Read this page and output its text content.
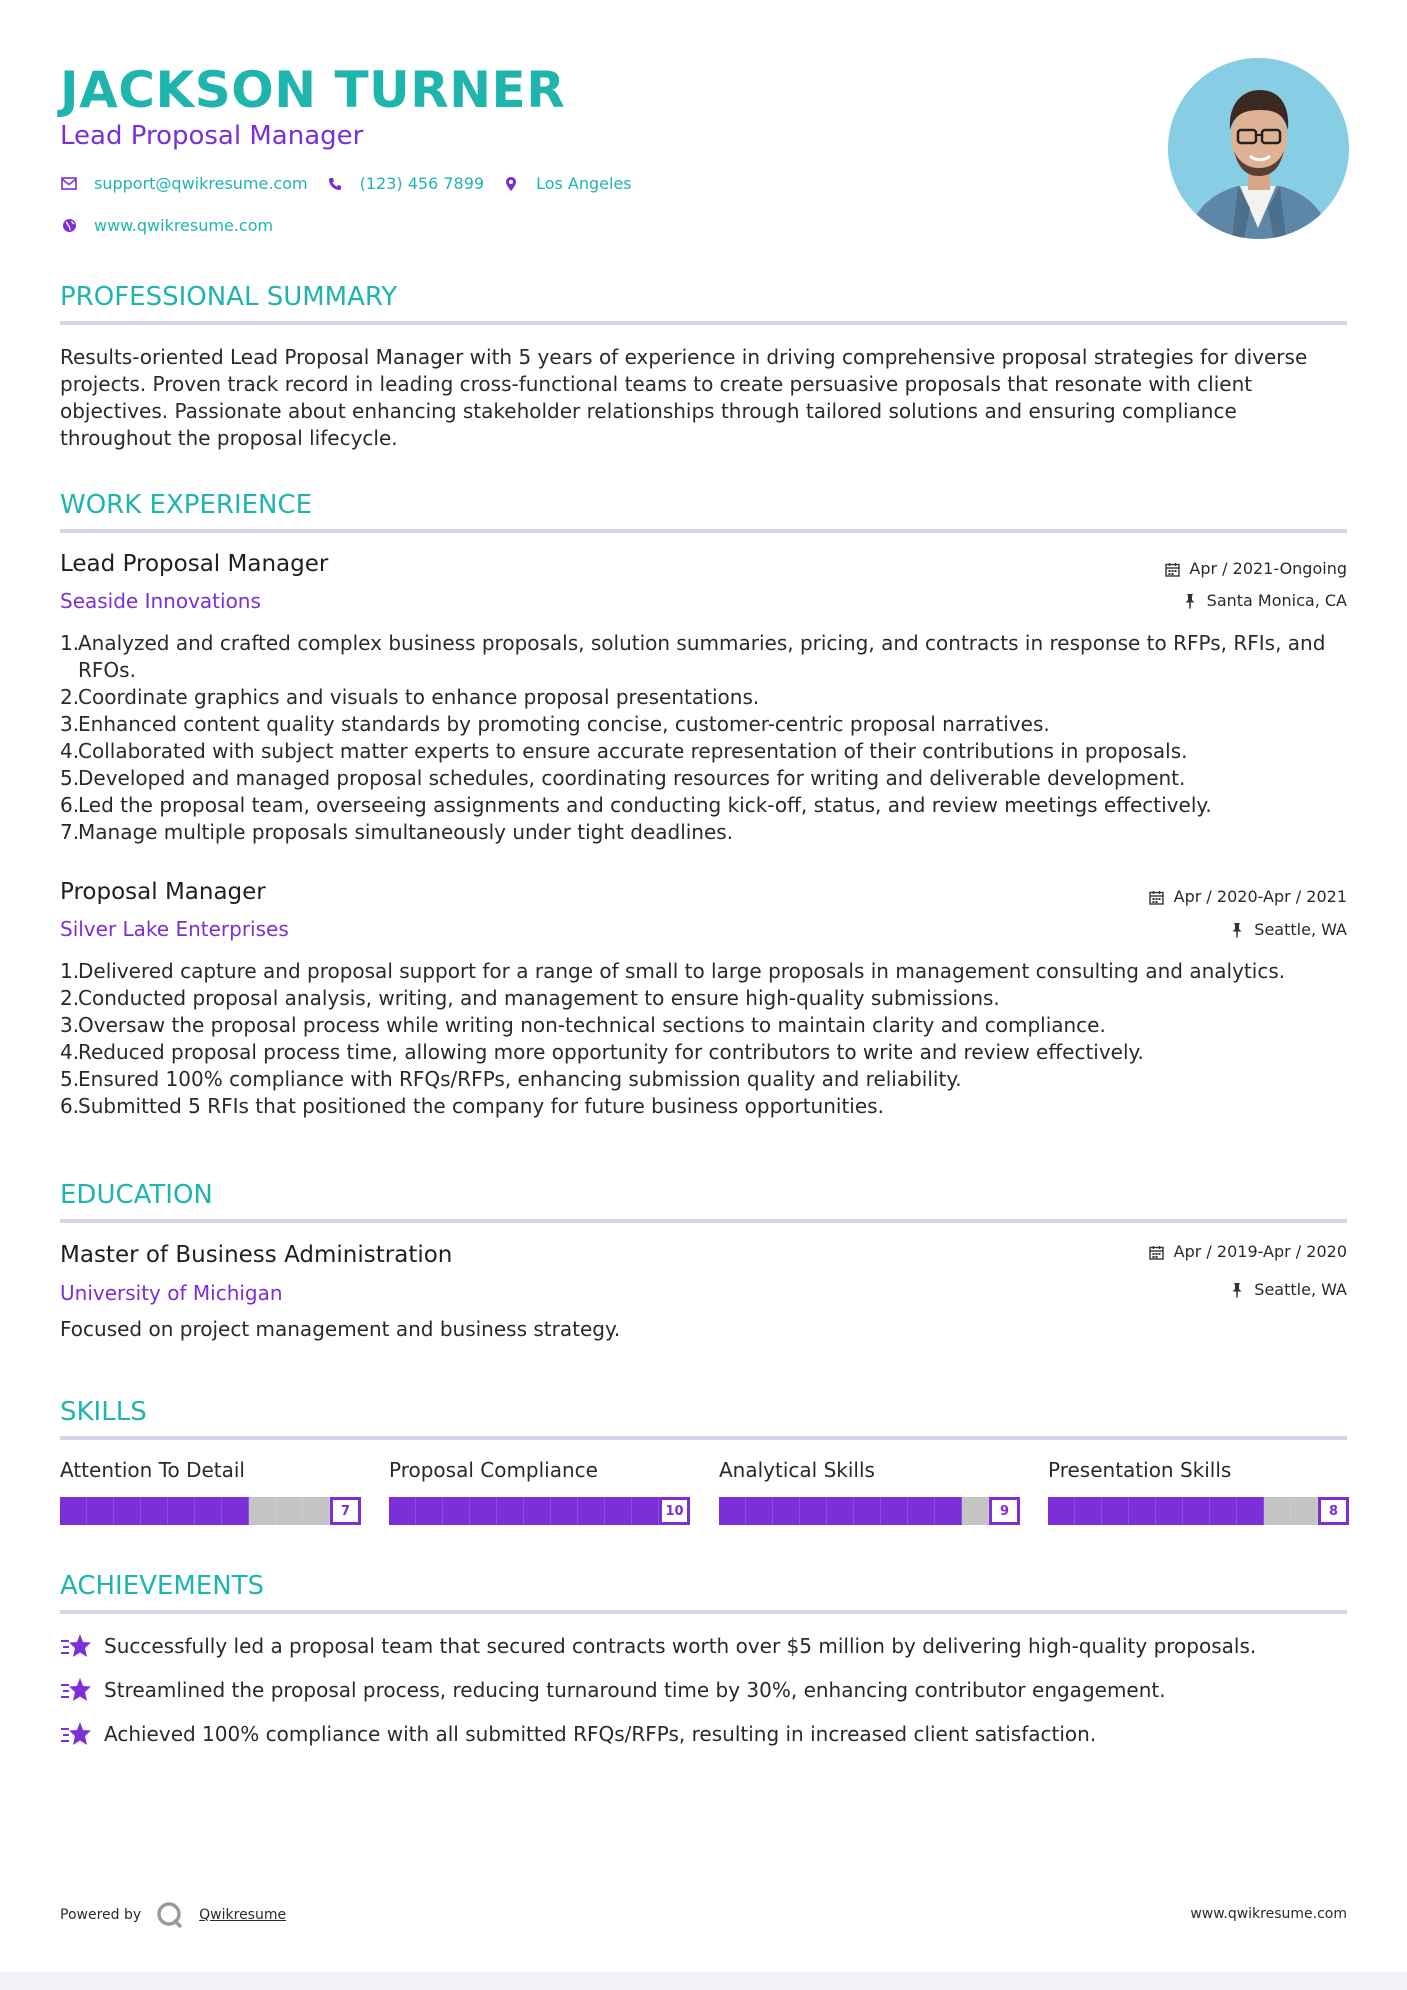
JACKSON TURNER
Lead Proposal Manager
support@qwikresume.com	(123) 456 7899	Los Angeles
www.qwikresume.com
PROFESSIONAL SUMMARY
Results-oriented Lead Proposal Manager with 5 years of experience in driving comprehensive proposal strategies for diverse projects. Proven track record in leading cross-functional teams to create persuasive proposals that resonate with client objectives. Passionate about enhancing stakeholder relationships through tailored solutions and ensuring compliance throughout the proposal lifecycle.
WORK EXPERIENCE
Lead Proposal Manager	Apr / 2021-Ongoing
Seaside Innovations	Santa Monica, CA
1.
Analyzed and crafted complex business proposals, solution summaries, pricing, and contracts in response to RFPs, RFIs, and RFOs.
2.
Coordinate graphics and visuals to enhance proposal presentations.
3.
Enhanced content quality standards by promoting concise, customer-centric proposal narratives.
4.
Collaborated with subject matter experts to ensure accurate representation of their contributions in proposals.
5.
Developed and managed proposal schedules, coordinating resources for writing and deliverable development.
6.
Led the proposal team, overseeing assignments and conducting kick-off, status, and review meetings effectively.
7.
Manage multiple proposals simultaneously under tight deadlines.
Proposal Manager	Apr / 2020-Apr / 2021
Silver Lake Enterprises	Seattle, WA
1.
Delivered capture and proposal support for a range of small to large proposals in management consulting and analytics.
2.
Conducted proposal analysis, writing, and management to ensure high-quality submissions.
3.
Oversaw the proposal process while writing non-technical sections to maintain clarity and compliance.
4.
Reduced proposal process time, allowing more opportunity for contributors to write and review effectively.
5.
Ensured 100% compliance with RFQs/RFPs, enhancing submission quality and reliability.
6.
Submitted 5 RFIs that positioned the company for future business opportunities.
EDUCATION
Master of Business Administration	Apr / 2019-Apr / 2020
University of Michigan	Seattle, WA
Focused on project management and business strategy.
SKILLS
Attention To Detail
7
Proposal Compliance
10
Analytical Skills
9
Presentation Skills
8
ACHIEVEMENTS
Successfully led a proposal team that secured contracts worth over $5 million by delivering high-quality proposals.
Streamlined the proposal process, reducing turnaround time by 30%, enhancing contributor engagement.
Achieved 100% compliance with all submitted RFQs/RFPs, resulting in increased client satisfaction.
Powered by	Qwikresume	www.qwikresume.com
